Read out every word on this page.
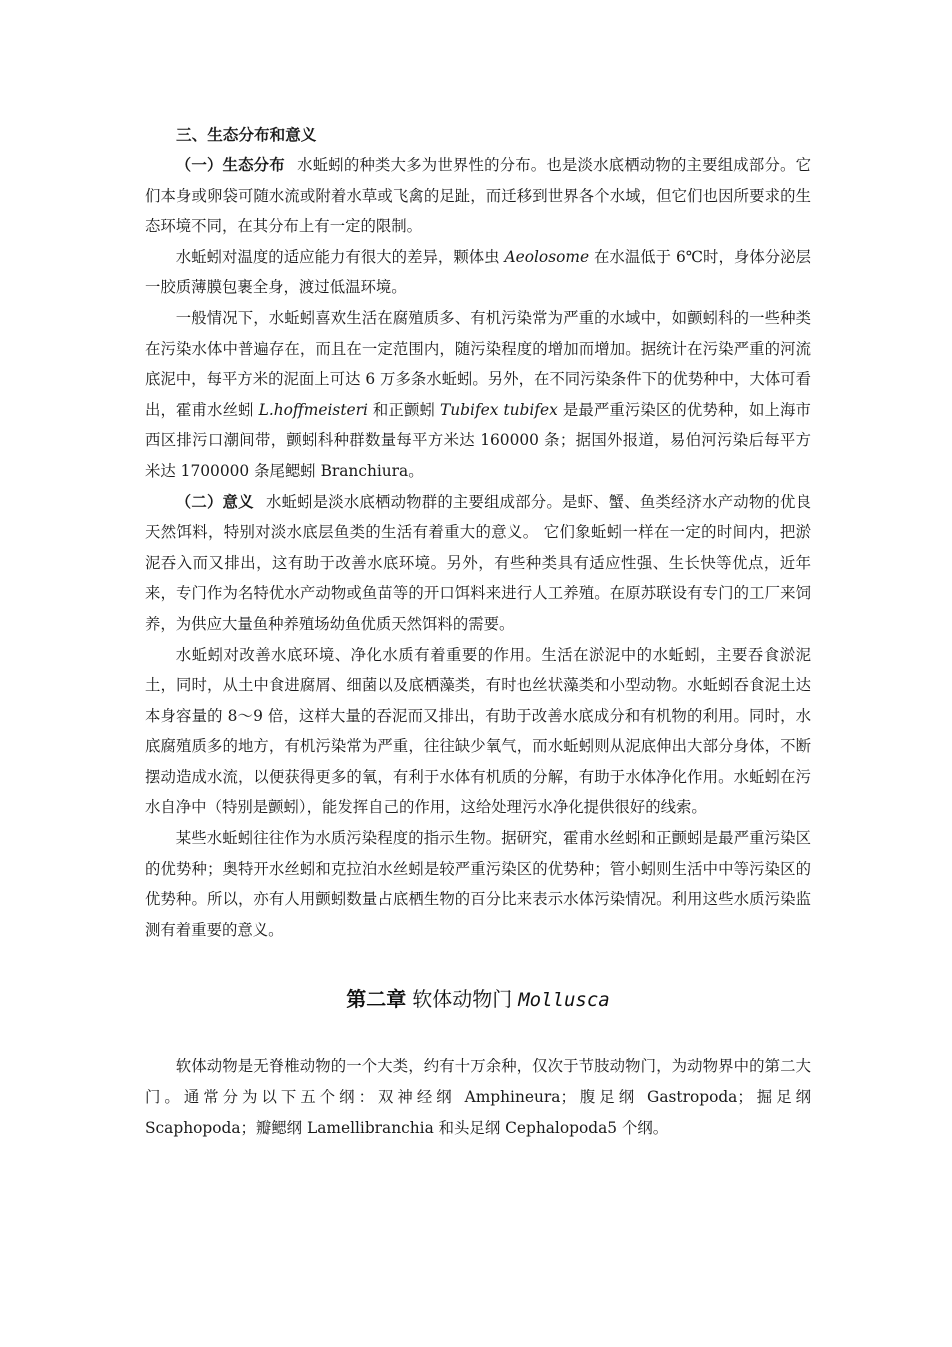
三、生态分布和意义

（一）生态分布 水蚯蚓的种类大多为世界性的分布。也是淡水底栖动物的主要组成部分。它们本身或卵袋可随水流或附着水草或飞禽的足趾，而迁移到世界各个水域，但它们也因所要求的生态环境不同，在其分布上有一定的限制。

水蚯蚓对温度的适应能力有很大的差异，颗体虫 Aeolosome 在水温低于 6℃时，身体分泌层一胶质薄膜包裹全身，渡过低温环境。

一般情况下，水蚯蚓喜欢生活在腐殖质多、有机污染常为严重的水域中，如颤蚓科的一些种类在污染水体中普遍存在，而且在一定范围内，随污染程度的增加而增加。据统计在污染严重的河流底泥中，每平方米的泥面上可达 6 万多条水蚯蚓。另外，在不同污染条件下的优势种中，大体可看出，霍甫水丝蚓 L.hoffmeisteri 和正颤蚓 Tubifex tubifex 是最严重污染区的优势种，如上海市西区排污口潮间带，颤蚓科种群数量每平方米达 160000 条；据国外报道，易伯河污染后每平方米达 1700000 条尾鳃蚓 Branchiura。

（二）意义 水蚯蚓是淡水底栖动物群的主要组成部分。是虾、蟹、鱼类经济水产动物的优良天然饵料，特别对淡水底层鱼类的生活有着重大的意义。 它们象蚯蚓一样在一定的时间内，把淤泥吞入而又排出，这有助于改善水底环境。另外，有些种类具有适应性强、生长快等优点，近年来，专门作为名特优水产动物或鱼苗等的开口饵料来进行人工养殖。在原苏联设有专门的工厂来饲养，为供应大量鱼种养殖场幼鱼优质天然饵料的需要。

水蚯蚓对改善水底环境、净化水质有着重要的作用。生活在淤泥中的水蚯蚓，主要吞食淤泥土，同时，从土中食进腐屑、细菌以及底栖藻类，有时也丝状藻类和小型动物。水蚯蚓吞食泥土达本身容量的 8～9 倍，这样大量的吞泥而又排出，有助于改善水底成分和有机物的利用。同时，水底腐殖质多的地方，有机污染常为严重，往往缺少氧气，而水蚯蚓则从泥底伸出大部分身体，不断摆动造成水流，以便获得更多的氧，有利于水体有机质的分解，有助于水体净化作用。水蚯蚓在污水自净中（特别是颤蚓），能发挥自己的作用，这给处理污水净化提供很好的线索。

某些水蚯蚓往往作为水质污染程度的指示生物。据研究，霍甫水丝蚓和正颤蚓是最严重污染区的优势种；奥特开水丝蚓和克拉泊水丝蚓是较严重污染区的优势种；管小蚓则生活中中等污染区的优势种。所以，亦有人用颤蚓数量占底栖生物的百分比来表示水体污染情况。利用这些水质污染监测有着重要的意义。

第二章 软体动物门 Mollusca

软体动物是无脊椎动物的一个大类，约有十万余种，仅次于节肢动物门，为动物界中的第二大门。通常分为以下五个纲：双神经纲 Amphineura；腹足纲 Gastropoda；掘足纲 Scaphopoda；瓣鳃纲 Lamellibranchia 和头足纲 Cephalopoda5 个纲。
